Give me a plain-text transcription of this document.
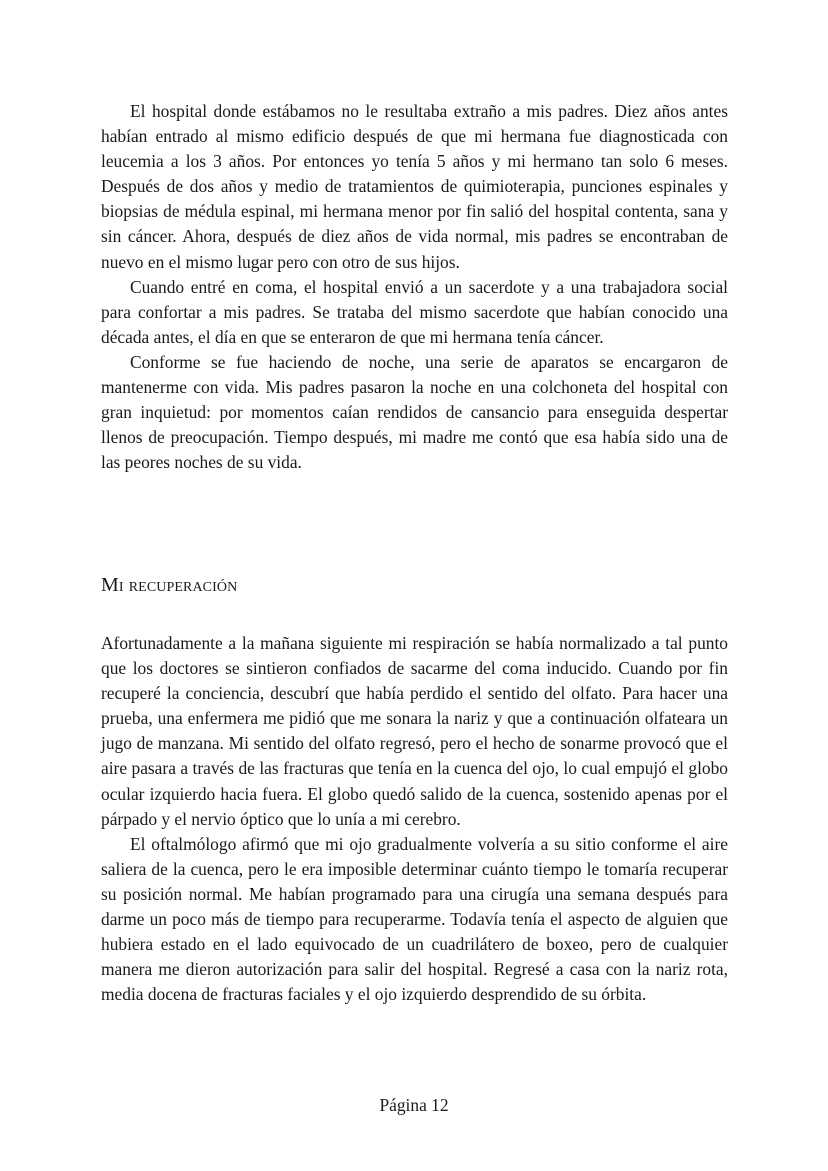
El hospital donde estábamos no le resultaba extraño a mis padres. Diez años antes habían entrado al mismo edificio después de que mi hermana fue diagnosticada con leucemia a los 3 años. Por entonces yo tenía 5 años y mi hermano tan solo 6 meses. Después de dos años y medio de tratamientos de quimioterapia, punciones espinales y biopsias de médula espinal, mi hermana menor por fin salió del hospital contenta, sana y sin cáncer. Ahora, después de diez años de vida normal, mis padres se encontraban de nuevo en el mismo lugar pero con otro de sus hijos.

Cuando entré en coma, el hospital envió a un sacerdote y a una trabajadora social para confortar a mis padres. Se trataba del mismo sacerdote que habían conocido una década antes, el día en que se enteraron de que mi hermana tenía cáncer.

Conforme se fue haciendo de noche, una serie de aparatos se encargaron de mantenerme con vida. Mis padres pasaron la noche en una colchoneta del hospital con gran inquietud: por momentos caían rendidos de cansancio para enseguida despertar llenos de preocupación. Tiempo después, mi madre me contó que esa había sido una de las peores noches de su vida.

Mi recuperación

Afortunadamente a la mañana siguiente mi respiración se había normalizado a tal punto que los doctores se sintieron confiados de sacarme del coma inducido. Cuando por fin recuperé la conciencia, descubrí que había perdido el sentido del olfato. Para hacer una prueba, una enfermera me pidió que me sonara la nariz y que a continuación olfateara un jugo de manzana. Mi sentido del olfato regresó, pero el hecho de sonarme provocó que el aire pasara a través de las fracturas que tenía en la cuenca del ojo, lo cual empujó el globo ocular izquierdo hacia fuera. El globo quedó salido de la cuenca, sostenido apenas por el párpado y el nervio óptico que lo unía a mi cerebro.

El oftalmólogo afirmó que mi ojo gradualmente volvería a su sitio conforme el aire saliera de la cuenca, pero le era imposible determinar cuánto tiempo le tomaría recuperar su posición normal. Me habían programado para una cirugía una semana después para darme un poco más de tiempo para recuperarme. Todavía tenía el aspecto de alguien que hubiera estado en el lado equivocado de un cuadrilátero de boxeo, pero de cualquier manera me dieron autorización para salir del hospital. Regresé a casa con la nariz rota, media docena de fracturas faciales y el ojo izquierdo desprendido de su órbita.

Página 12
